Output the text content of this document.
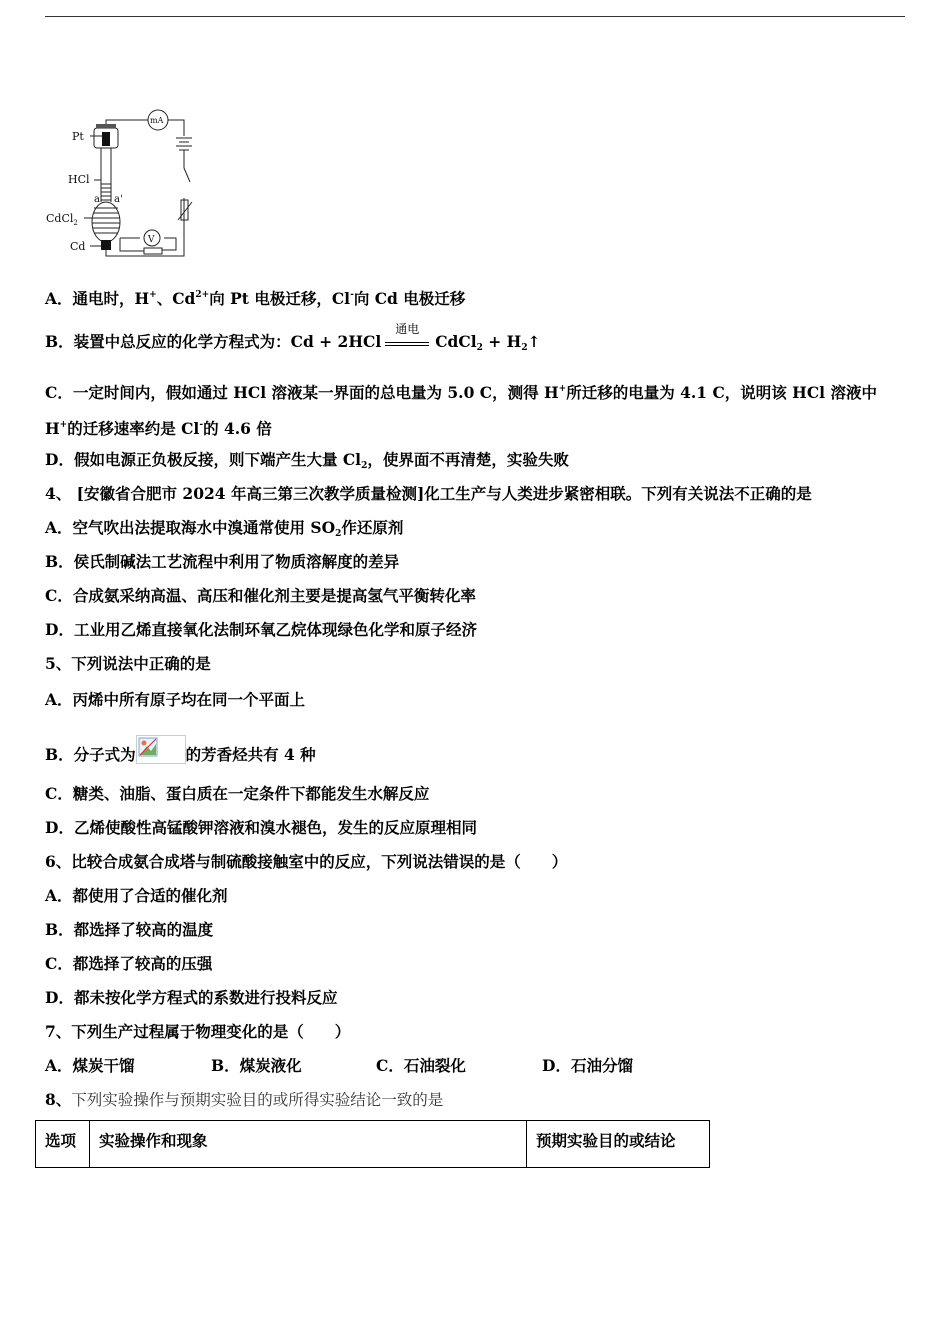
Pt
HCl
a a'
CdCl$_2$
Cd
mA
V
A．通电时，H+、$Cd^{2+}$向 Pt 电极迁移，Cl-向 Cd 电极迁移
B．装置中总反应的化学方程式为：Cd + 2HCl
通电
CdCl$_2$ + $H_2↑$
C．一定时间内，假如通过 HCl 溶液某一界面的总电量为 5.0 C，测得 H+所迁移的电量为 4.1 C，说明该 HCl 溶液中
H+的迁移速率约是 Cl-的 4.6 倍
D．假如电源正负极反接，则下端产生大量 $Cl_2$，使界面不再清楚，实验失败
4、 [安徽省合肥市 2024 年高三第三次教学质量检测]化工生产与人类进步紧密相联。下列有关说法不正确的是
A．空气吹出法提取海水中溴通常使用 $SO_2$作还原剂
B．侯氏制碱法工艺流程中利用了物质溶解度的差异
C．合成氨采纳高温、高压和催化剂主要是提高氢气平衡转化率
D．工业用乙烯直接氧化法制环氧乙烷体现绿色化学和原子经济
5、下列说法中正确的是
A．丙烯中所有原子均在同一个平面上
B．分子式为	的芳香烃共有 4 种
C．糖类、油脂、蛋白质在一定条件下都能发生水解反应
D．乙烯使酸性高锰酸钾溶液和溴水褪色，发生的反应原理相同
6、比较合成氨合成塔与制硫酸接触室中的反应，下列说法错误的是（　　）
A．都使用了合适的催化剂
B．都选择了较高的温度
C．都选择了较高的压强
D．都未按化学方程式的系数进行投料反应
7、下列生产过程属于物理变化的是（　　）
A．煤炭干馏	B．煤炭液化	C．石油裂化	D．石油分馏
8、下列实验操作与预期实验目的或所得实验结论一致的是
选项	实验操作和现象	预期实验目的或结论
